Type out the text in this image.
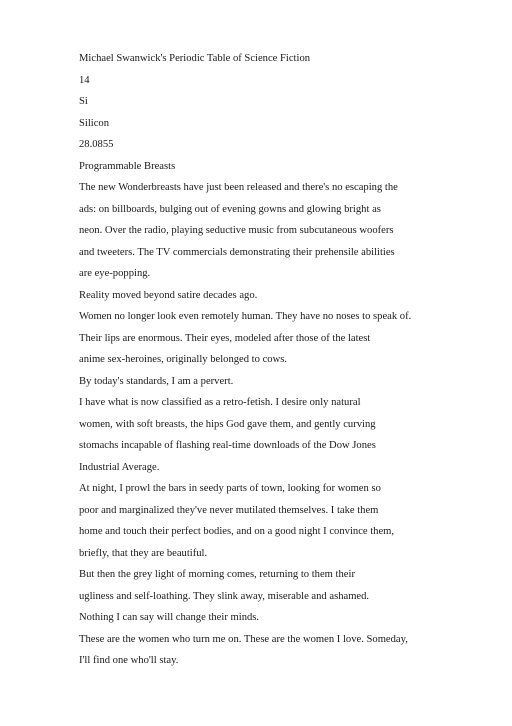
Michael Swanwick's Periodic Table of Science Fiction
14
Si
Silicon
28.0855
Programmable Breasts
The new Wonderbreasts have just been released and there's no escaping the
ads: on billboards, bulging out of evening gowns and glowing bright as
neon. Over the radio, playing seductive music from subcutaneous woofers
and tweeters. The TV commercials demonstrating their prehensile abilities
are eye-popping.
Reality moved beyond satire decades ago.
Women no longer look even remotely human. They have no noses to speak of.
Their lips are enormous. Their eyes, modeled after those of the latest
anime sex-heroines, originally belonged to cows.
By today's standards, I am a pervert.
I have what is now classified as a retro-fetish. I desire only natural
women, with soft breasts, the hips God gave them, and gently curving
stomachs incapable of flashing real-time downloads of the Dow Jones
Industrial Average.
At night, I prowl the bars in seedy parts of town, looking for women so
poor and marginalized they've never mutilated themselves. I take them
home and touch their perfect bodies, and on a good night I convince them,
briefly, that they are beautiful.
But then the grey light of morning comes, returning to them their
ugliness and self-loathing. They slink away, miserable and ashamed.
Nothing I can say will change their minds.
These are the women who turn me on. These are the women I love. Someday,
I'll find one who'll stay.
